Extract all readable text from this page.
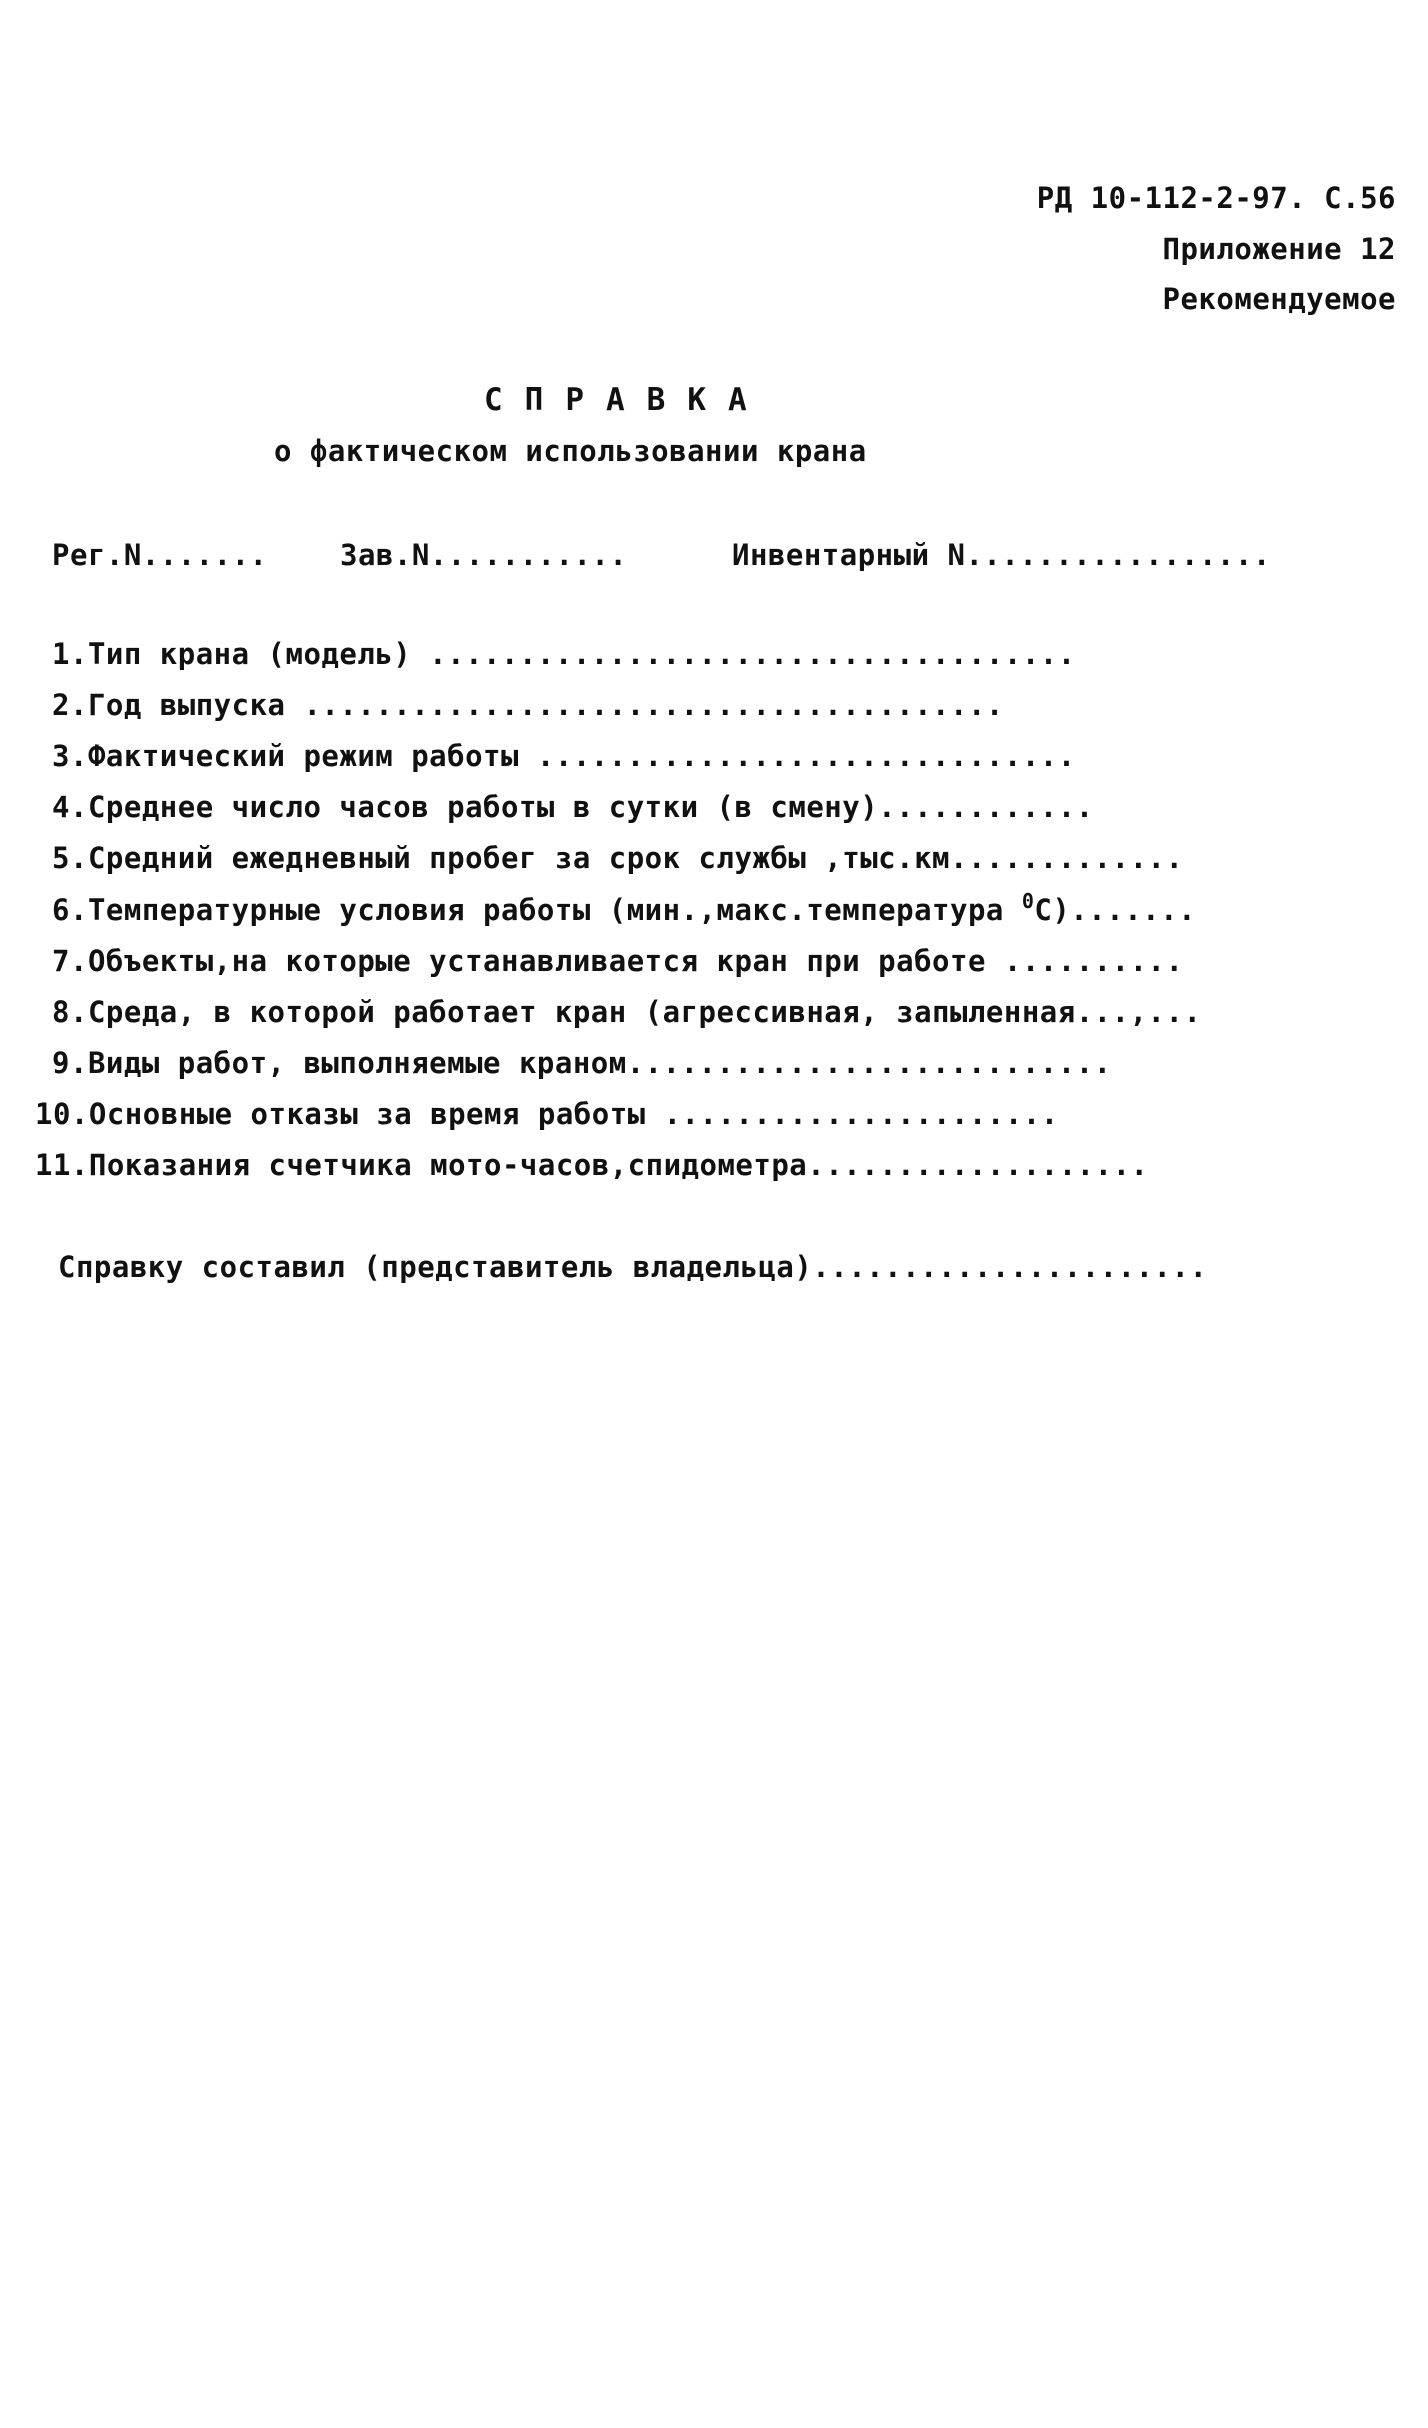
РД 10-112-2-97. С.56
Приложение 12
Рекомендуемое
СПРАВКА
о фактическом использовании крана
Рег.N....... Зав.N...........	Инвентарный N.................
1.Тип крана (модель) ....................................
2.Год выпуска .......................................
3.Фактический режим работы ..............................
4.Среднее число часов работы в сутки (в смену)............
5.Средний ежедневный пробег за срок службы ,тыс.км.............
6.Температурные условия работы (мин.,макс.температура $^0$С).......
7.Объекты,на которые устанавливается кран при работе ..........
8.Среда, в которой работает кран (агрессивная, запыленная...,...
9.Виды работ, выполняемые краном...........................
10.Основные отказы за время работы ......................
11.Показания счетчика мото-часов,спидометра...................
Справку составил (представитель владельца)......................
